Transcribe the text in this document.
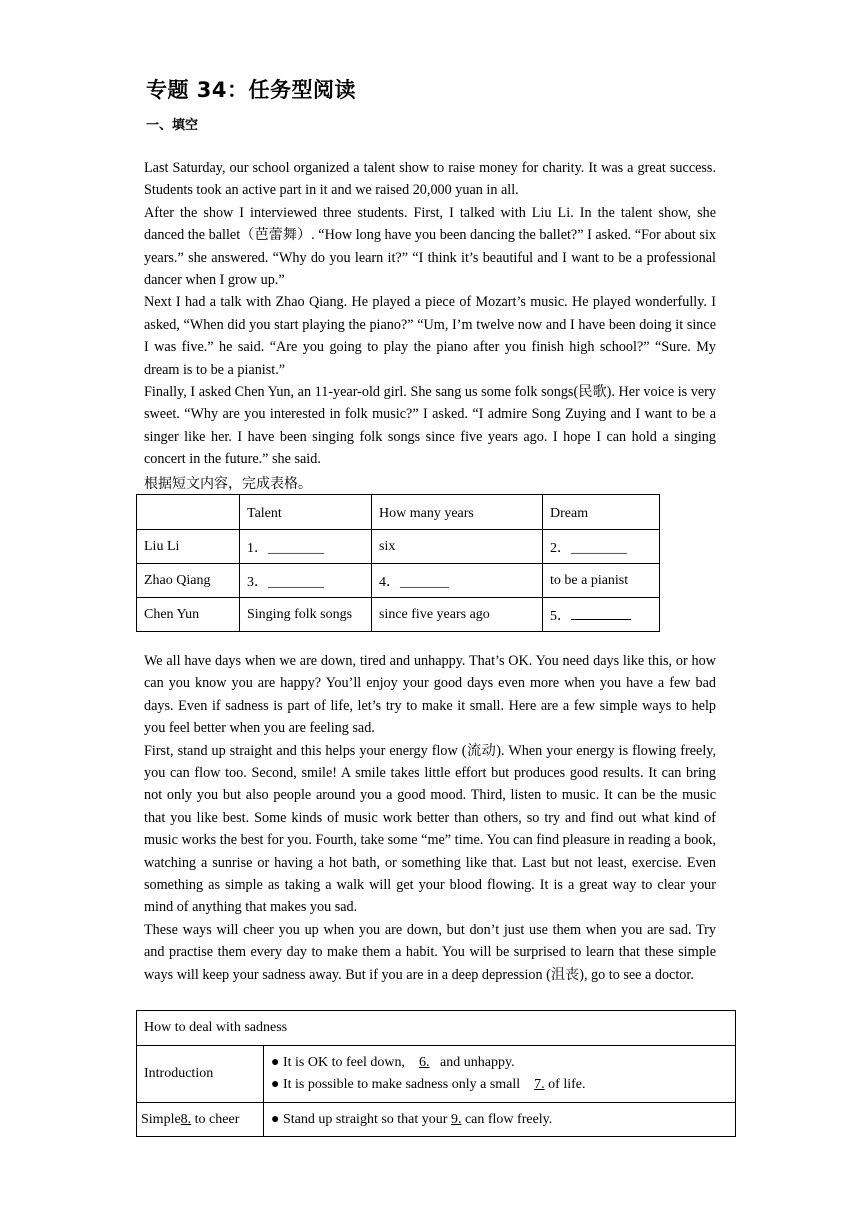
专题 34：任务型阅读
一、填空

Last Saturday, our school organized a talent show to raise money for charity. It was a great success. Students took an active part in it and we raised 20,000 yuan in all.

After the show I interviewed three students. First, I talked with Liu Li. In the talent show, she danced the ballet（芭蕾舞）. “How long have you been dancing the ballet?” I asked. “For about six years.” she answered. “Why do you learn it?” “I think it’s beautiful and I want to be a professional dancer when I grow up.”

Next I had a talk with Zhao Qiang. He played a piece of Mozart’s music. He played wonderfully. I asked, “When did you start playing the piano?” “Um, I’m twelve now and I have been doing it since I was five.” he said. “Are you going to play the piano after you finish high school?” “Sure. My dream is to be a pianist.”

Finally, I asked Chen Yun, an 11-year-old girl. She sang us some folk songs(民歌). Her voice is very sweet. “Why are you interested in folk music?” I asked. “I admire Song Zuying and I want to be a singer like her. I have been singing folk songs since five years ago. I hope I can hold a singing concert in the future.” she said.

根据短文内容，完成表格。
	Talent	How many years	Dream
Liu Li	1．________	six	2．________
Zhao Qiang	3．________	4．_______	to be a pianist
Chen Yun	Singing folk songs	since five years ago	5．

We all have days when we are down, tired and unhappy. That’s OK. You need days like this, or how can you know you are happy? You’ll enjoy your good days even more when you have a few bad days. Even if sadness is part of life, let’s try to make it small. Here are a few simple ways to help you feel better when you are feeling sad.

First, stand up straight and this helps your energy flow (流动). When your energy is flowing freely, you can flow too. Second, smile! A smile takes little effort but produces good results. It can bring not only you but also people around you a good mood. Third, listen to music. It can be the music that you like best. Some kinds of music work better than others, so try and find out what kind of music works the best for you. Fourth, take some “me” time. You can find pleasure in reading a book, watching a sunrise or having a hot bath, or something like that. Last but not least, exercise. Even something as simple as taking a walk will get your blood flowing. It is a great way to clear your mind of anything that makes you sad.

These ways will cheer you up when you are down, but don’t just use them when you are sad. Try and practise them every day to make them a habit. You will be surprised to learn that these simple ways will keep your sadness away. But if you are in a deep depression (沮丧), go to see a doctor.

How to deal with sadness	
Introduction	● It is OK to feel down, 6. and unhappy.
● It is possible to make sadness only a small 7. of life.

Simple8. to cheer	● Stand up straight so that your 9. can flow freely.
